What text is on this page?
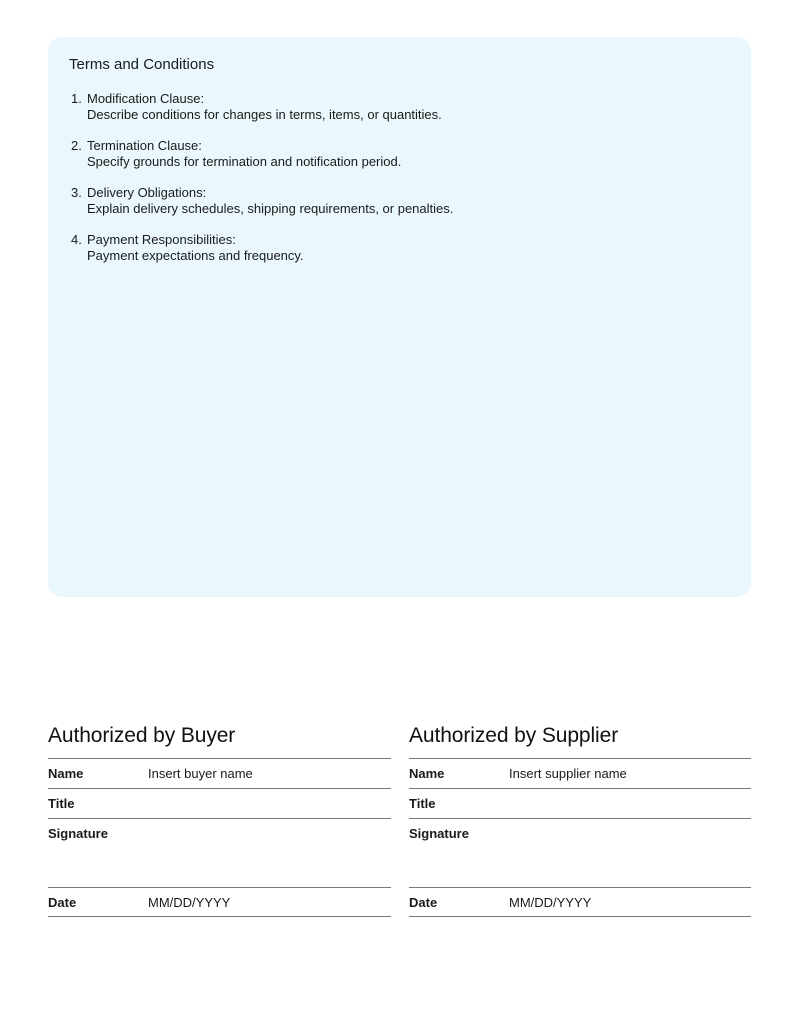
Terms and Conditions
1. Modification Clause:
Describe conditions for changes in terms, items, or quantities.
2. Termination Clause:
Specify grounds for termination and notification period.
3. Delivery Obligations:
Explain delivery schedules, shipping requirements, or penalties.
4. Payment Responsibilities:
Payment expectations and frequency.
Authorized by Buyer
Name	Insert buyer name
Title
Signature
Date	MM/DD/YYYY
Authorized by Supplier
Name	Insert supplier name
Title
Signature
Date	MM/DD/YYYY
